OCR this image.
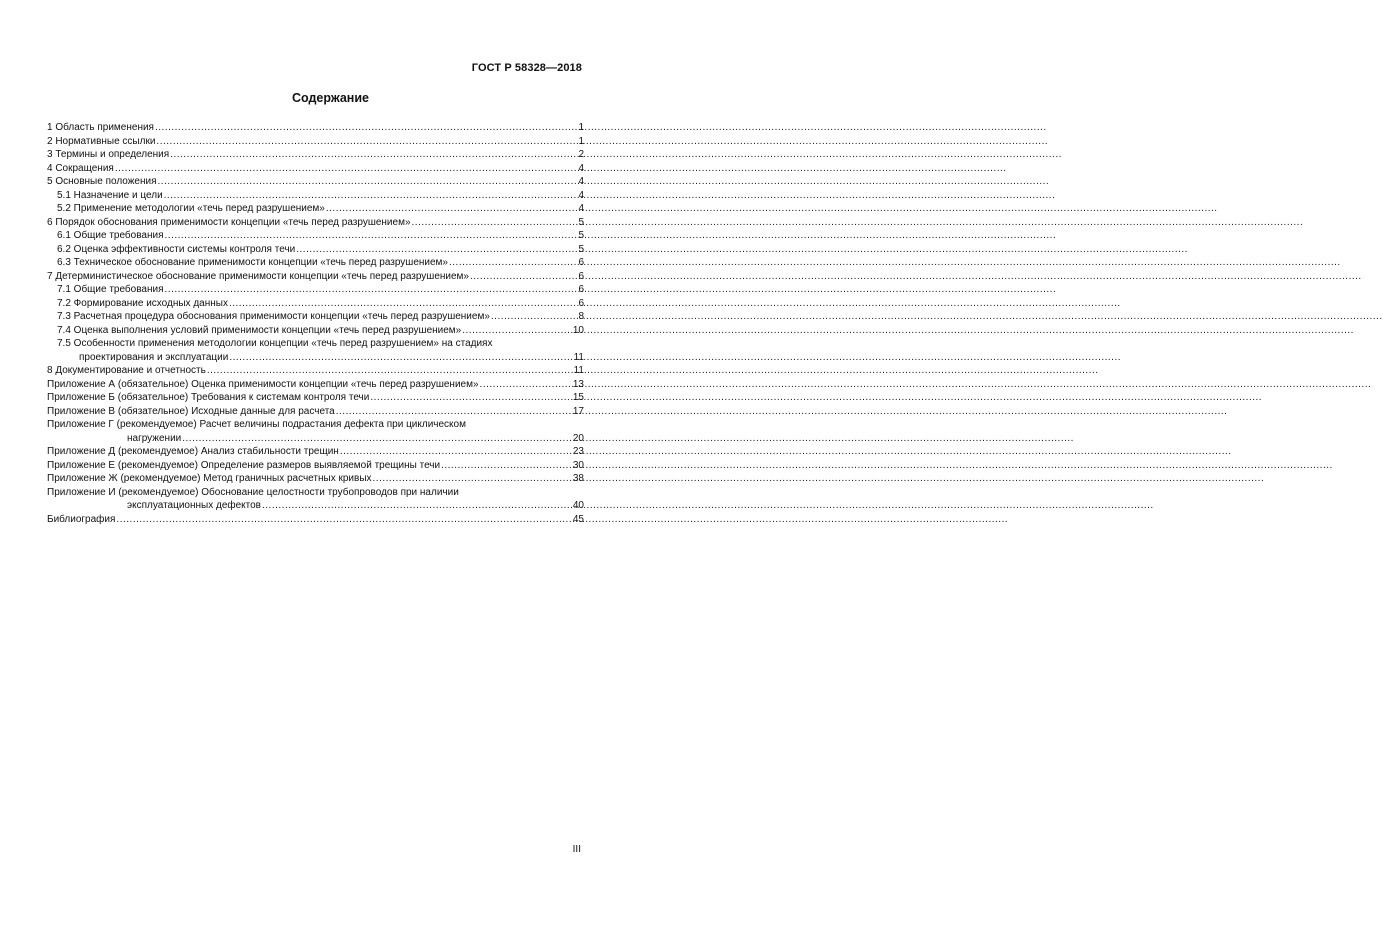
ГОСТ Р 58328—2018
Содержание
1 Область применения .....	1
2 Нормативные ссылки .....	1
3 Термины и определения .....	2
4 Сокращения .....	4
5 Основные положения .....	4
5.1 Назначение и цели .....	4
5.2 Применение методологии «течь перед разрушением» .....	4
6 Порядок обоснования применимости концепции «течь перед разрушением» .....	5
6.1 Общие требования .....	5
6.2 Оценка эффективности системы контроля течи .....	5
6.3 Техническое обоснование применимости концепции «течь перед разрушением» .....	6
7 Детерминистическое обоснование применимости концепции «течь перед разрушением» .....	6
7.1 Общие требования .....	6
7.2 Формирование исходных данных .....	6
7.3 Расчетная процедура обоснования применимости концепции «течь перед разрушением» .....	8
7.4 Оценка выполнения условий применимости концепции «течь перед разрушением» .....	10
7.5 Особенности применения методологии концепции «течь перед разрушением» на стадиях
проектирования и эксплуатации .....	11
8 Документирование и отчетность .....	11
Приложение А (обязательное) Оценка применимости концепции «течь перед разрушением» .....	13
Приложение Б (обязательное) Требования к системам контроля течи .....	15
Приложение В (обязательное) Исходные данные для расчета .....	17
Приложение Г (рекомендуемое) Расчет величины подрастания дефекта при циклическом
нагружении .....	20
Приложение Д (рекомендуемое) Анализ стабильности трещин .....	23
Приложение Е (рекомендуемое) Определение размеров выявляемой трещины течи .....	30
Приложение Ж (рекомендуемое) Метод граничных расчетных кривых .....	38
Приложение И (рекомендуемое) Обоснование целостности трубопроводов при наличии
эксплуатационных дефектов .....	40
Библиография .....	45
III
